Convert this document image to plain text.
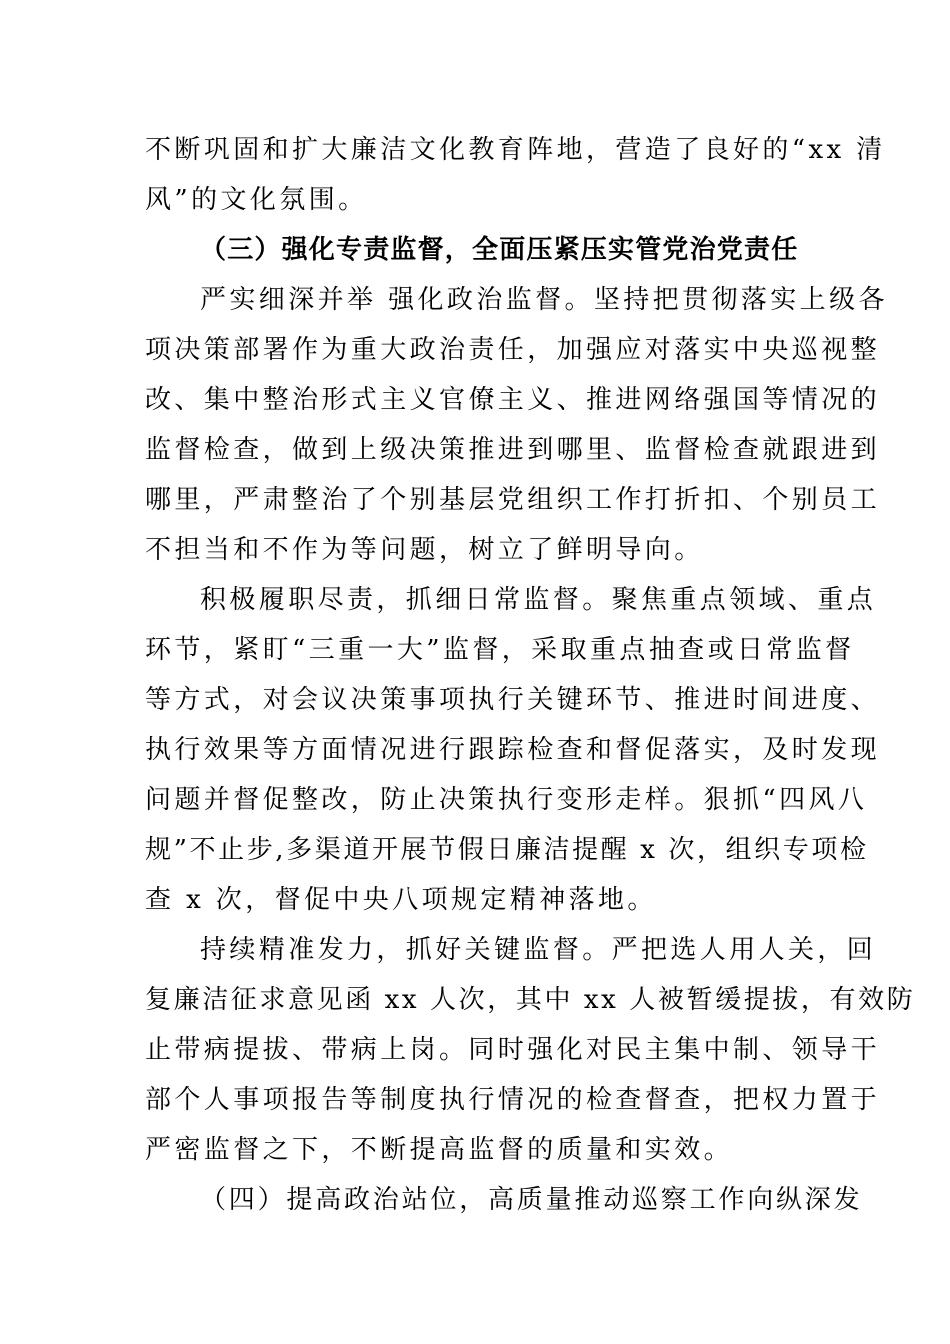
不断巩固和扩大廉洁文化教育阵地，营造了良好的“xx 清
风”的文化氛围。
（三）强化专责监督，全面压紧压实管党治党责任
严实细深并举 强化政治监督。坚持把贯彻落实上级各
项决策部署作为重大政治责任，加强应对落实中央巡视整
改、集中整治形式主义官僚主义、推进网络强国等情况的
监督检查，做到上级决策推进到哪里、监督检查就跟进到
哪里，严肃整治了个别基层党组织工作打折扣、个别员工
不担当和不作为等问题，树立了鲜明导向。
积极履职尽责，抓细日常监督。聚焦重点领域、重点
环节，紧盯“三重一大”监督，采取重点抽查或日常监督
等方式，对会议决策事项执行关键环节、推进时间进度、
执行效果等方面情况进行跟踪检查和督促落实，及时发现
问题并督促整改，防止决策执行变形走样。狠抓“四风八
规”不止步,多渠道开展节假日廉洁提醒 x 次，组织专项检
查 x 次，督促中央八项规定精神落地。
持续精准发力，抓好关键监督。严把选人用人关，回
复廉洁征求意见函 xx 人次，其中 xx 人被暂缓提拔，有效防
止带病提拔、带病上岗。同时强化对民主集中制、领导干
部个人事项报告等制度执行情况的检查督查，把权力置于
严密监督之下，不断提高监督的质量和实效。
（四）提高政治站位，高质量推动巡察工作向纵深发
